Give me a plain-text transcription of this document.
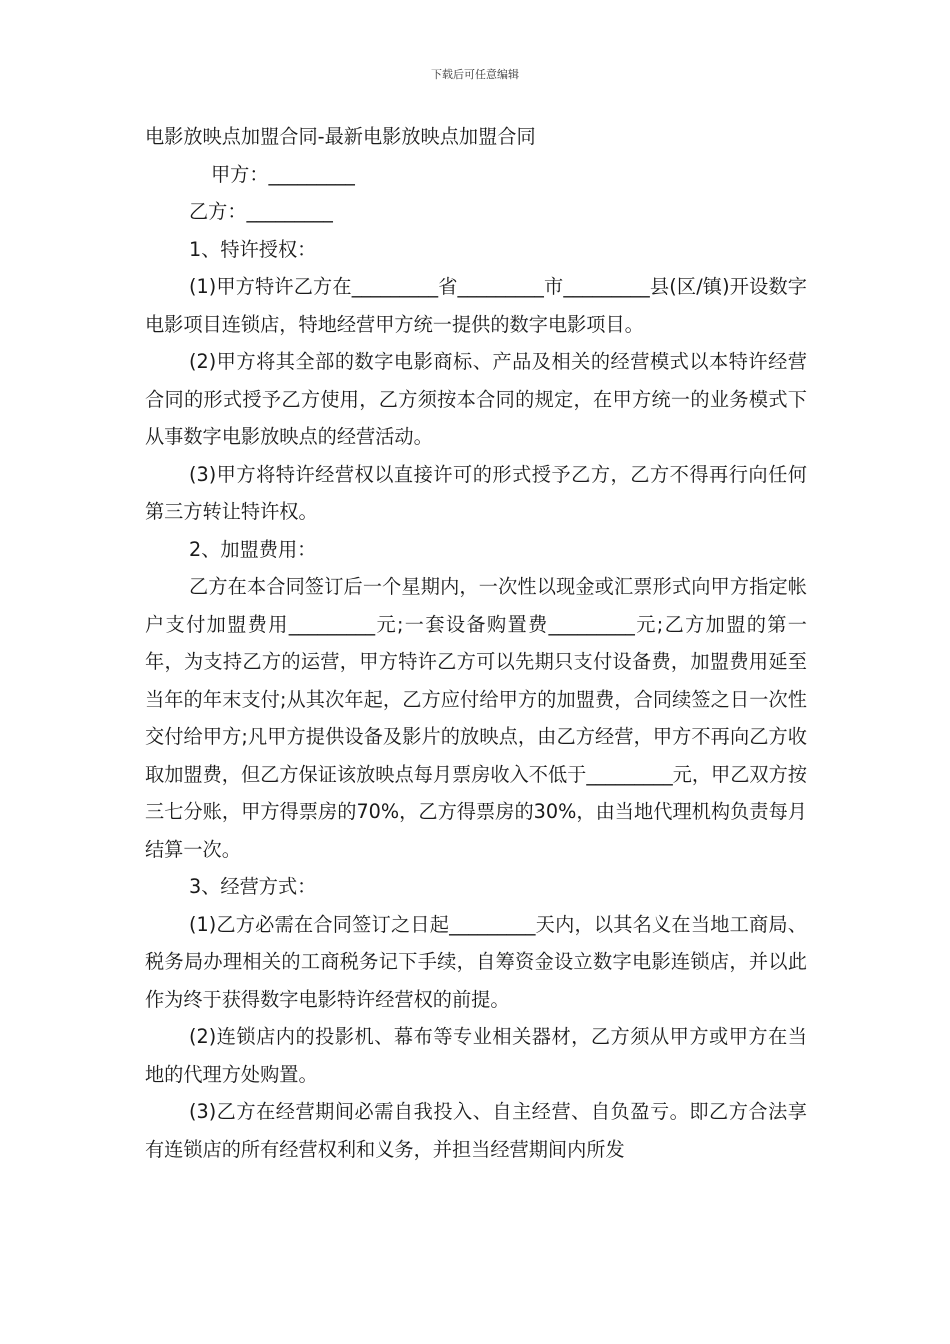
下载后可任意编辑

电影放映点加盟合同-最新电影放映点加盟合同

甲方：_________

乙方：_________

1、特许授权：

(1)甲方特许乙方在_________省_________市_________县(区/镇)开设数字电影项目连锁店，特地经营甲方统一提供的数字电影项目。

(2)甲方将其全部的数字电影商标、产品及相关的经营模式以本特许经营合同的形式授予乙方使用，乙方须按本合同的规定，在甲方统一的业务模式下从事数字电影放映点的经营活动。

(3)甲方将特许经营权以直接许可的形式授予乙方，乙方不得再行向任何第三方转让特许权。

2、加盟费用：

乙方在本合同签订后一个星期内，一次性以现金或汇票形式向甲方指定帐户支付加盟费用_________元;一套设备购置费_________元;乙方加盟的第一年，为支持乙方的运营，甲方特许乙方可以先期只支付设备费，加盟费用延至当年的年末支付;从其次年起，乙方应付给甲方的加盟费，合同续签之日一次性交付给甲方;凡甲方提供设备及影片的放映点，由乙方经营，甲方不再向乙方收取加盟费，但乙方保证该放映点每月票房收入不低于_________元，甲乙双方按三七分账，甲方得票房的70%，乙方得票房的30%，由当地代理机构负责每月结算一次。

3、经营方式：

(1)乙方必需在合同签订之日起_________天内，以其名义在当地工商局、税务局办理相关的工商税务记下手续，自筹资金设立数字电影连锁店，并以此作为终于获得数字电影特许经营权的前提。

(2)连锁店内的投影机、幕布等专业相关器材，乙方须从甲方或甲方在当地的代理方处购置。

(3)乙方在经营期间必需自我投入、自主经营、自负盈亏。即乙方合法享有连锁店的所有经营权利和义务，并担当经营期间内所发
